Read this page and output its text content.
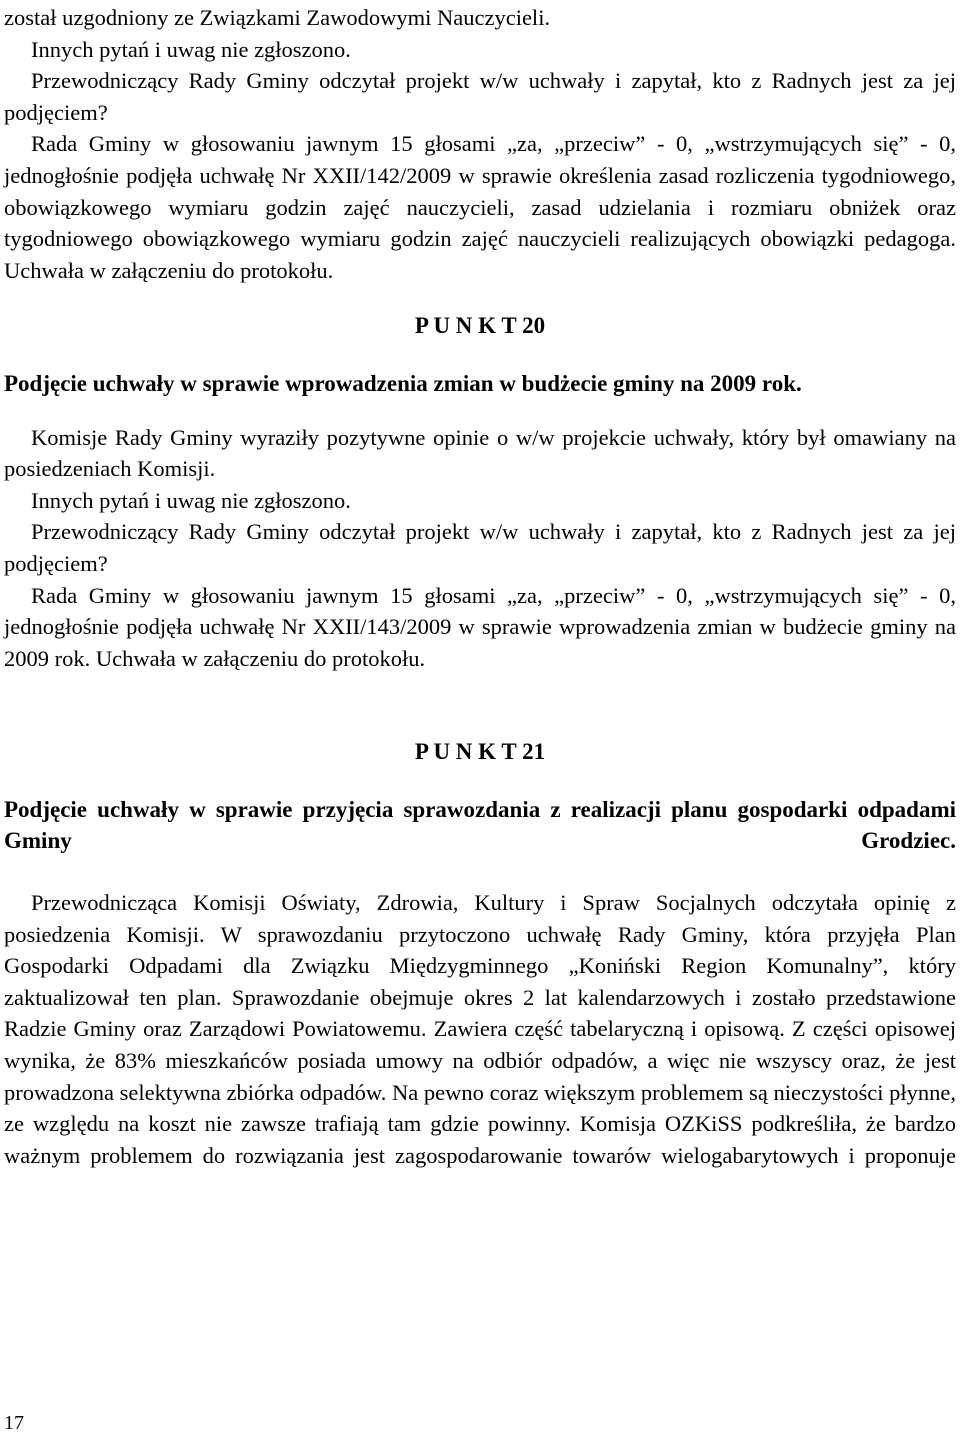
został uzgodniony ze Związkami Zawodowymi Nauczycieli.

Innych pytań i uwag nie zgłoszono.

Przewodniczący Rady Gminy odczytał projekt w/w uchwały i zapytał, kto z Radnych jest za jej podjęciem?

Rada Gminy w głosowaniu jawnym 15 głosami „za, „przeciw” - 0, „wstrzymujących się” - 0, jednogłośnie podjęła uchwałę Nr XXII/142/2009 w sprawie określenia zasad rozliczenia tygodniowego, obowiązkowego wymiaru godzin zajęć nauczycieli, zasad udzielania i rozmiaru obniżek oraz tygodniowego obowiązkowego wymiaru godzin zajęć nauczycieli realizujących obowiązki pedagoga. Uchwała w załączeniu do protokołu.

P U N K T 20

Podjęcie uchwały w sprawie wprowadzenia zmian w budżecie gminy na 2009 rok.

Komisje Rady Gminy wyraziły pozytywne opinie o w/w projekcie uchwały, który był omawiany na posiedzeniach Komisji.

Innych pytań i uwag nie zgłoszono.

Przewodniczący Rady Gminy odczytał projekt w/w uchwały i zapytał, kto z Radnych jest za jej podjęciem?

Rada Gminy w głosowaniu jawnym 15 głosami „za, „przeciw” - 0, „wstrzymujących się” - 0, jednogłośnie podjęła uchwałę Nr XXII/143/2009 w sprawie wprowadzenia zmian w budżecie gminy na 2009 rok. Uchwała w załączeniu do protokołu.

P U N K T 21

Podjęcie uchwały w sprawie przyjęcia sprawozdania z realizacji planu gospodarki odpadami Gminy Grodziec.

Przewodnicząca Komisji Oświaty, Zdrowia, Kultury i Spraw Socjalnych odczytała opinię z posiedzenia Komisji. W sprawozdaniu przytoczono uchwałę Rady Gminy, która przyjęła Plan Gospodarki Odpadami dla Związku Międzygminnego „Koniński Region Komunalny”, który zaktualizował ten plan. Sprawozdanie obejmuje okres 2 lat kalendarzowych i zostało przedstawione Radzie Gminy oraz Zarządowi Powiatowemu. Zawiera część tabelaryczną i opisową. Z części opisowej wynika, że 83% mieszkańców posiada umowy na odbiór odpadów, a więc nie wszyscy oraz, że jest prowadzona selektywna zbiórka odpadów. Na pewno coraz większym problemem są nieczystości płynne, ze względu na koszt nie zawsze trafiają tam gdzie powinny. Komisja OZKiSS podkreśliła, że bardzo ważnym problemem do rozwiązania jest zagospodarowanie towarów wielogabarytowych i proponuje

17
